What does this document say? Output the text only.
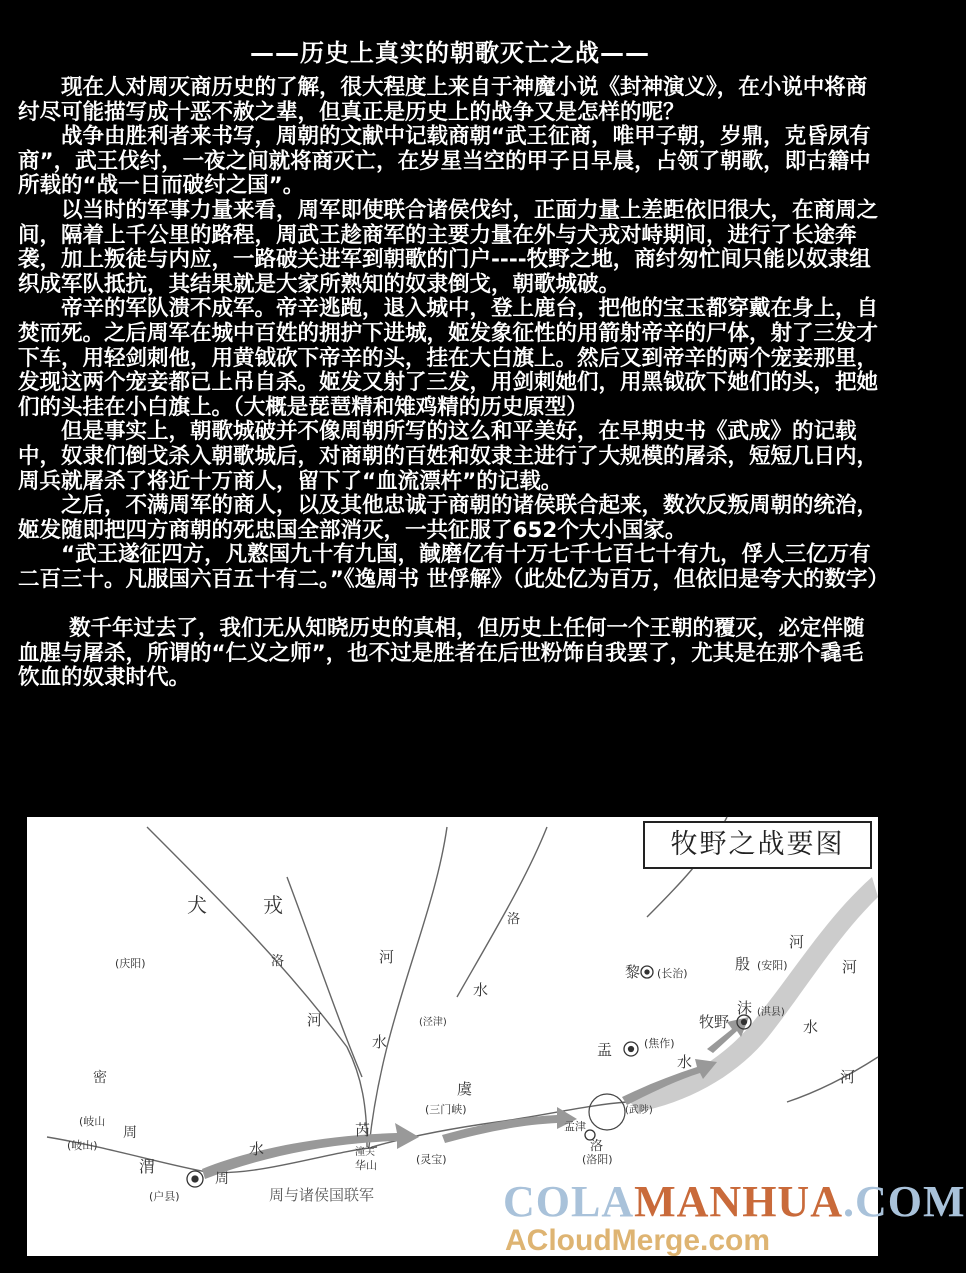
——历史上真实的朝歌灭亡之战——

现在人对周灭商历史的了解，很大程度上来自于神魔小说《封神演义》，在小说中将商纣尽可能描写成十恶不赦之辈，但真正是历史上的战争又是怎样的呢？

战争由胜利者来书写，周朝的文献中记载商朝“武王征商，唯甲子朝，岁鼎，克昏夙有商”，武王伐纣，一夜之间就将商灭亡，在岁星当空的甲子日早晨，占领了朝歌，即古籍中所载的“战一日而破纣之国”。

以当时的军事力量来看，周军即使联合诸侯伐纣，正面力量上差距依旧很大，在商周之间，隔着上千公里的路程，周武王趁商军的主要力量在外与犬戎对峙期间，进行了长途奔袭，加上叛徒与内应，一路破关进军到朝歌的门户----牧野之地，商纣匆忙间只能以奴隶组织成军队抵抗，其结果就是大家所熟知的奴隶倒戈，朝歌城破。

帝辛的军队溃不成军。帝辛逃跑，退入城中，登上鹿台，把他的宝玉都穿戴在身上，自焚而死。之后周军在城中百姓的拥护下进城，姬发象征性的用箭射帝辛的尸体，射了三发才下车，用轻剑刺他，用黄钺砍下帝辛的头，挂在大白旗上。然后又到帝辛的两个宠妾那里，发现这两个宠妾都已上吊自杀。姬发又射了三发，用剑刺她们，用黑钺砍下她们的头，把她们的头挂在小白旗上。（大概是琵琶精和雉鸡精的历史原型）

但是事实上，朝歌城破并不像周朝所写的这么和平美好，在早期史书《武成》的记载中，奴隶们倒戈杀入朝歌城后，对商朝的百姓和奴隶主进行了大规模的屠杀，短短几日内，周兵就屠杀了将近十万商人，留下了“血流漂杵”的记载。

之后，不满周军的商人，以及其他忠诚于商朝的诸侯联合起来，数次反叛周朝的统治，姬发随即把四方商朝的死忠国全部消灭，一共征服了652个大小国家。

“武王遂征四方，凡憝国九十有九国，馘磨亿有十万七千七百七十有九，俘人三亿万有二百三十。凡服国六百五十有二。”《逸周书 世俘解》（此处亿为百万，但依旧是夸大的数字）

数千年过去了，我们无从知晓历史的真相，但历史上任何一个王朝的覆灭，必定伴随血腥与屠杀，所谓的“仁义之师”，也不过是胜者在后世粉饰自我罢了，尤其是在那个毳毛饮血的奴隶时代。

犬	戎
(庆阳)
密
(岐山
周
(岐山)
周
(户县)
渭
芮
潼关
华山	(灵宝)
(三门峡)
虞
孟津
洛
(洛阳)
盂	(焦作)
(武陟)
黎 (长治)
殷 (安阳)
牧野
沫 (淇县)
河
河
河
河
河
水
水
水
水
水
洛
洛
(泾津)
周与诸侯国联军
牧野之战要图
COLAMANHUA.COM
ACloudMerge.com
